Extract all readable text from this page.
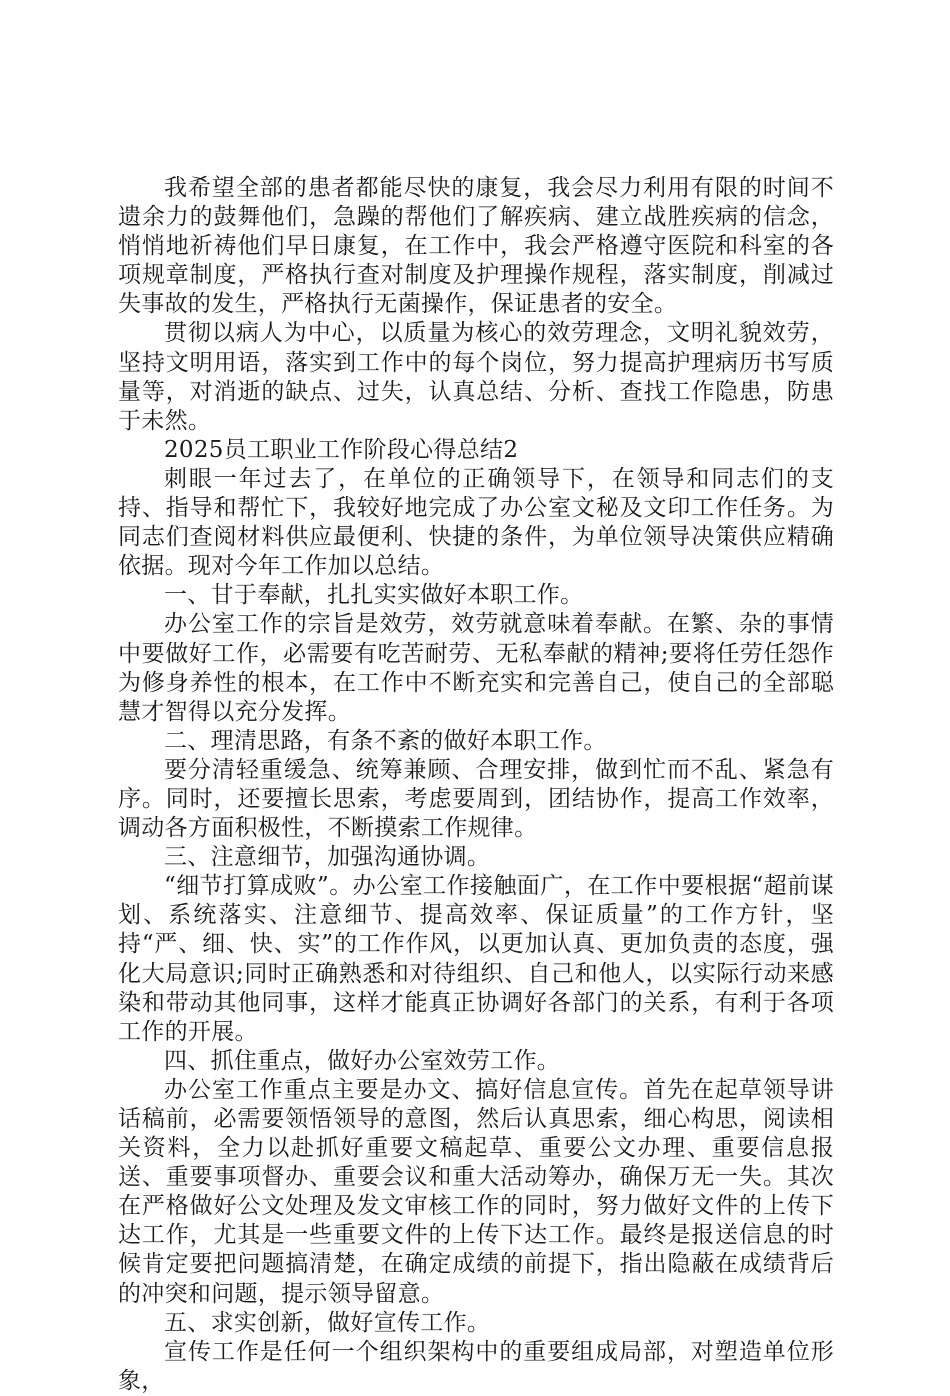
我希望全部的患者都能尽快的康复，我会尽力利用有限的时间不遗余力的鼓舞他们，急躁的帮他们了解疾病、建立战胜疾病的信念，悄悄地祈祷他们早日康复，在工作中，我会严格遵守医院和科室的各项规章制度，严格执行查对制度及护理操作规程，落实制度，削减过失事故的发生，严格执行无菌操作，保证患者的安全。

贯彻以病人为中心，以质量为核心的效劳理念，文明礼貌效劳，坚持文明用语，落实到工作中的每个岗位，努力提高护理病历书写质量等，对消逝的缺点、过失，认真总结、分析、查找工作隐患，防患于未然。

2025员工职业工作阶段心得总结2

刺眼一年过去了，在单位的正确领导下，在领导和同志们的支持、指导和帮忙下，我较好地完成了办公室文秘及文印工作任务。为同志们查阅材料供应最便利、快捷的条件，为单位领导决策供应精确依据。现对今年工作加以总结。

一、甘于奉献，扎扎实实做好本职工作。

办公室工作的宗旨是效劳，效劳就意味着奉献。在繁、杂的事情中要做好工作，必需要有吃苦耐劳、无私奉献的精神;要将任劳任怨作为修身养性的根本，在工作中不断充实和完善自己，使自己的全部聪慧才智得以充分发挥。

二、理清思路，有条不紊的做好本职工作。

要分清轻重缓急、统筹兼顾、合理安排，做到忙而不乱、紧急有序。同时，还要擅长思索，考虑要周到，团结协作，提高工作效率，调动各方面积极性，不断摸索工作规律。

三、注意细节，加强沟通协调。

“细节打算成败”。办公室工作接触面广，在工作中要根据“超前谋划、系统落实、注意细节、提高效率、保证质量”的工作方针，坚持“严、细、快、实”的工作作风，以更加认真、更加负责的态度，强化大局意识;同时正确熟悉和对待组织、自己和他人，以实际行动来感染和带动其他同事，这样才能真正协调好各部门的关系，有利于各项工作的开展。

四、抓住重点，做好办公室效劳工作。

办公室工作重点主要是办文、搞好信息宣传。首先在起草领导讲话稿前，必需要领悟领导的意图，然后认真思索，细心构思，阅读相关资料，全力以赴抓好重要文稿起草、重要公文办理、重要信息报送、重要事项督办、重要会议和重大活动筹办，确保万无一失。其次在严格做好公文处理及发文审核工作的同时，努力做好文件的上传下达工作，尤其是一些重要文件的上传下达工作。最终是报送信息的时候肯定要把问题搞清楚，在确定成绩的前提下，指出隐蔽在成绩背后的冲突和问题，提示领导留意。

五、求实创新，做好宣传工作。

宣传工作是任何一个组织架构中的重要组成局部，对塑造单位形象，
